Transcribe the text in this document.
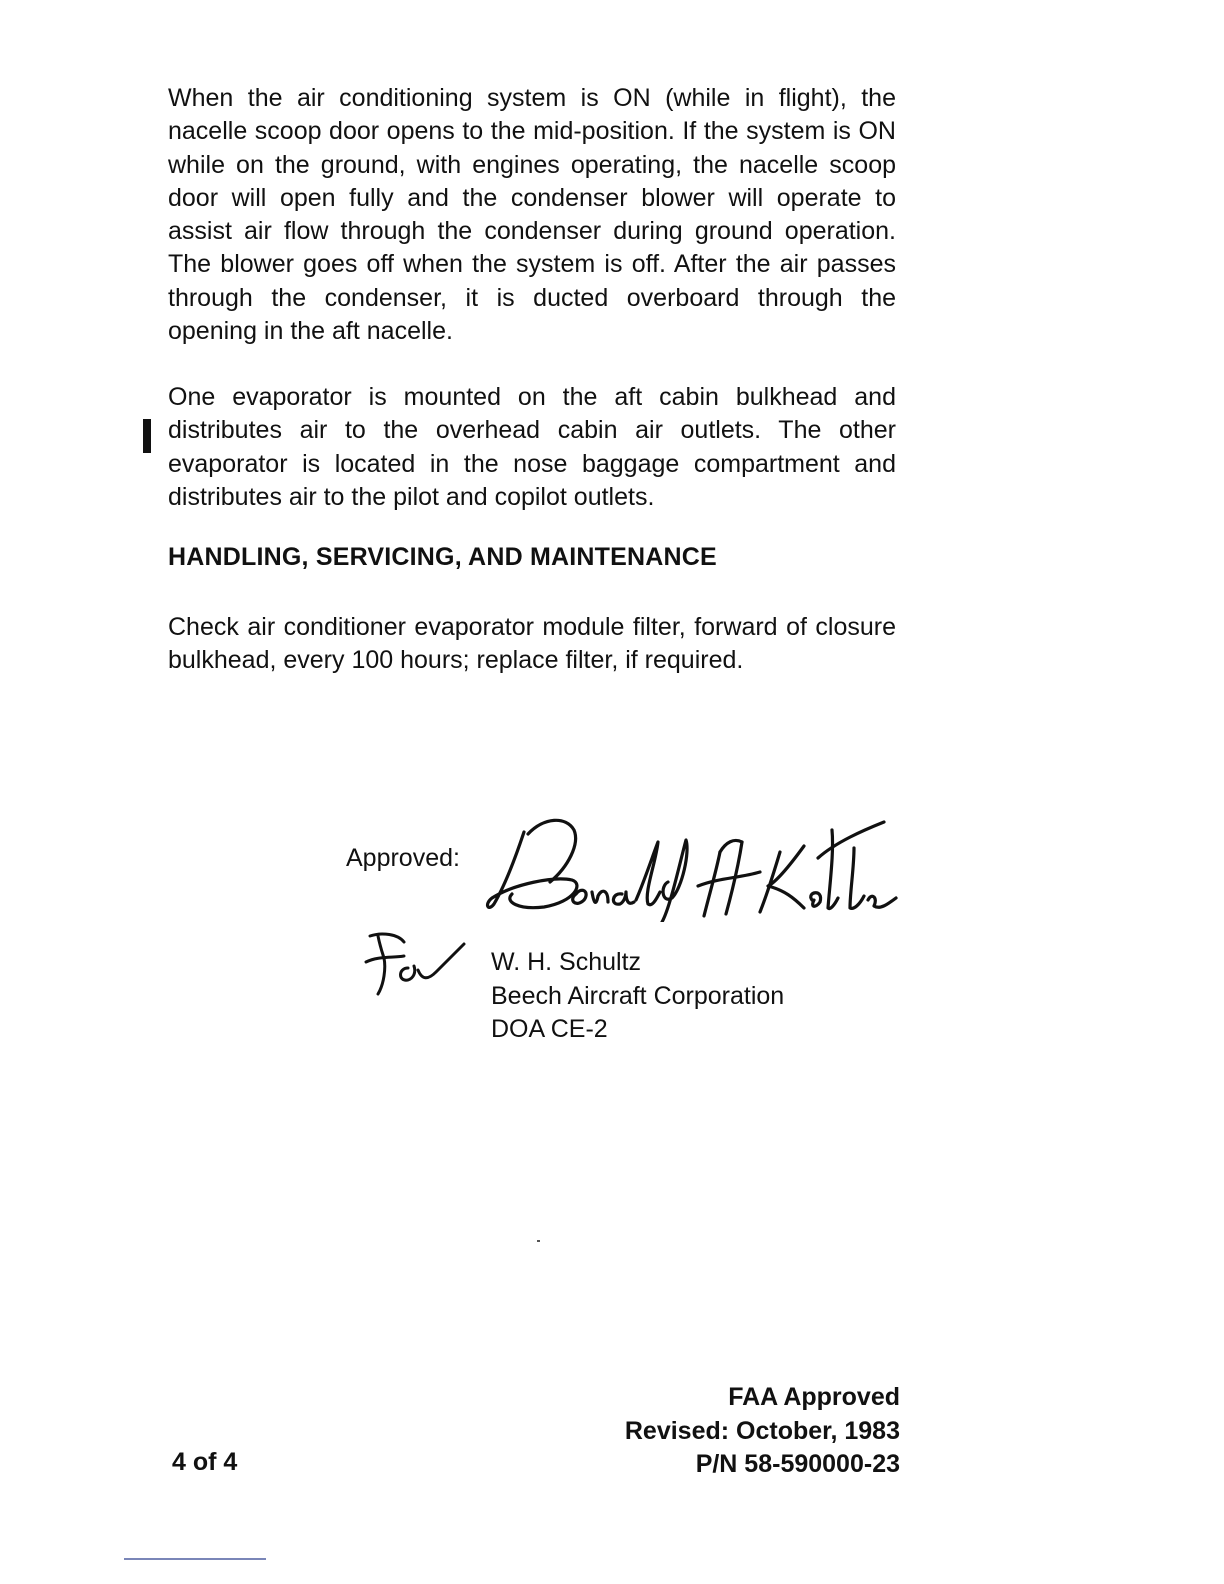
When the air conditioning system is ON (while in flight), the nacelle scoop door opens to the mid-position. If the system is ON while on the ground, with engines operating, the nacelle scoop door will open fully and the condenser blower will operate to assist air flow through the condenser during ground operation. The blower goes off when the system is off. After the air passes through the condenser, it is ducted overboard through the opening in the aft nacelle.

One evaporator is mounted on the aft cabin bulkhead and distributes air to the overhead cabin air outlets. The other evaporator is located in the nose baggage compartment and distributes air to the pilot and copilot outlets.

HANDLING, SERVICING, AND MAINTENANCE

Check air conditioner evaporator module filter, forward of closure bulkhead, every 100 hours; replace filter, if required.

Approved:
W. H. Schultz
Beech Aircraft Corporation
DOA CE-2
4 of 4
FAA Approved
Revised: October, 1983
P/N 58-590000-23
